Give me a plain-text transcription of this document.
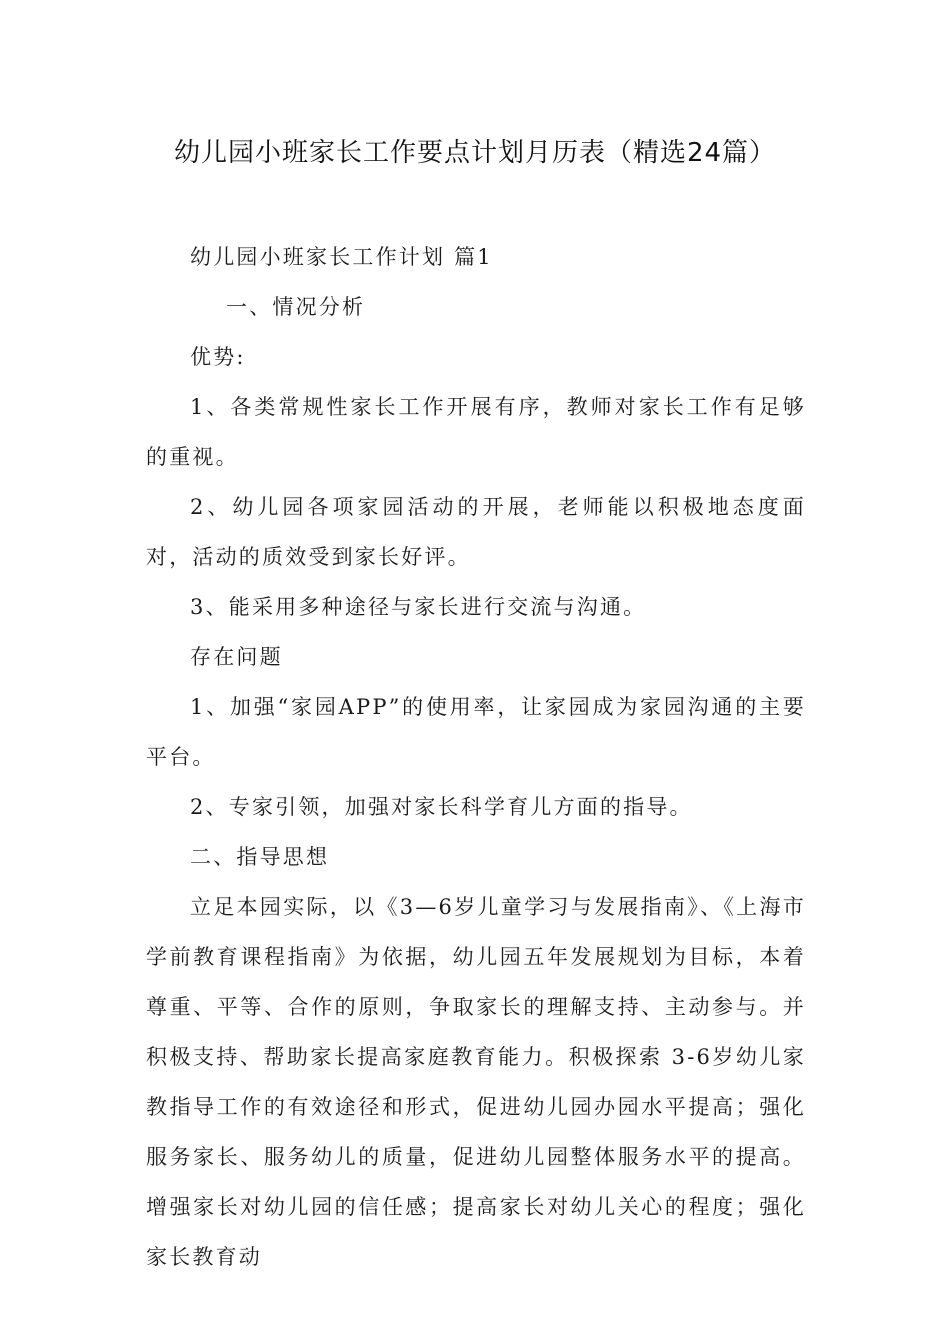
幼儿园小班家长工作要点计划月历表（精选24篇）

幼儿园小班家长工作计划 篇1

一、情况分析

优势:

1、各类常规性家长工作开展有序，教师对家长工作有足够的重视。

2、幼儿园各项家园活动的开展，老师能以积极地态度面对，活动的质效受到家长好评。

3、能采用多种途径与家长进行交流与沟通。

存在问题

1、加强“家园APP”的使用率，让家园成为家园沟通的主要平台。

2、专家引领，加强对家长科学育儿方面的指导。

二、指导思想

立足本园实际，以《3—6岁儿童学习与发展指南》、《上海市学前教育课程指南》为依据，幼儿园五年发展规划为目标，本着尊重、平等、合作的原则，争取家长的理解支持、主动参与。并积极支持、帮助家长提高家庭教育能力。积极探索 3-6岁幼儿家教指导工作的有效途径和形式，促进幼儿园办园水平提高；强化服务家长、服务幼儿的质量，促进幼儿园整体服务水平的提高。增强家长对幼儿园的信任感；提高家长对幼儿关心的程度；强化家长教育动
